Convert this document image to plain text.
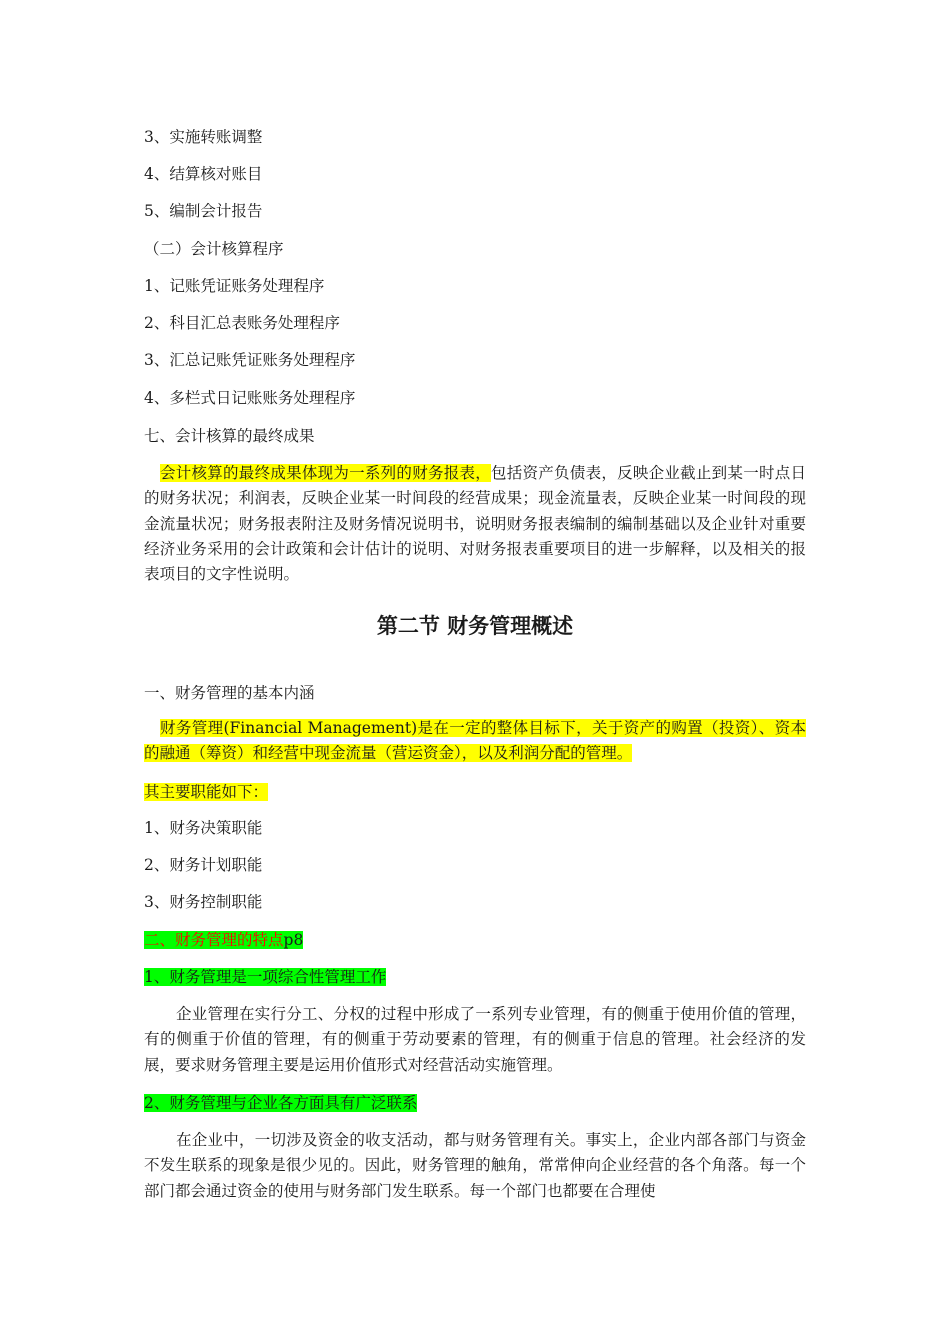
3、实施转账调整

4、结算核对账目

5、编制会计报告

（二）会计核算程序

1、记账凭证账务处理程序

2、科目汇总表账务处理程序

3、汇总记账凭证账务处理程序

4、多栏式日记账账务处理程序

七、会计核算的最终成果

会计核算的最终成果体现为一系列的财务报表，包括资产负债表，反映企业截止到某一时点日的财务状况；利润表，反映企业某一时间段的经营成果；现金流量表，反映企业某一时间段的现金流量状况；财务报表附注及财务情况说明书，说明财务报表编制的编制基础以及企业针对重要经济业务采用的会计政策和会计估计的说明、对财务报表重要项目的进一步解释，以及相关的报表项目的文字性说明。

第二节 财务管理概述

一、财务管理的基本内涵

财务管理(Financial Management)是在一定的整体目标下，关于资产的购置（投资）、资本的融通（筹资）和经营中现金流量（营运资金），以及利润分配的管理。

其主要职能如下：

1、财务决策职能

2、财务计划职能

3、财务控制职能

二、财务管理的特点p8

1、财务管理是一项综合性管理工作

企业管理在实行分工、分权的过程中形成了一系列专业管理，有的侧重于使用价值的管理，有的侧重于价值的管理，有的侧重于劳动要素的管理，有的侧重于信息的管理。社会经济的发展，要求财务管理主要是运用价值形式对经营活动实施管理。

2、财务管理与企业各方面具有广泛联系

在企业中，一切涉及资金的收支活动，都与财务管理有关。事实上，企业内部各部门与资金不发生联系的现象是很少见的。因此，财务管理的触角，常常伸向企业经营的各个角落。每一个部门都会通过资金的使用与财务部门发生联系。每一个部门也都要在合理使
